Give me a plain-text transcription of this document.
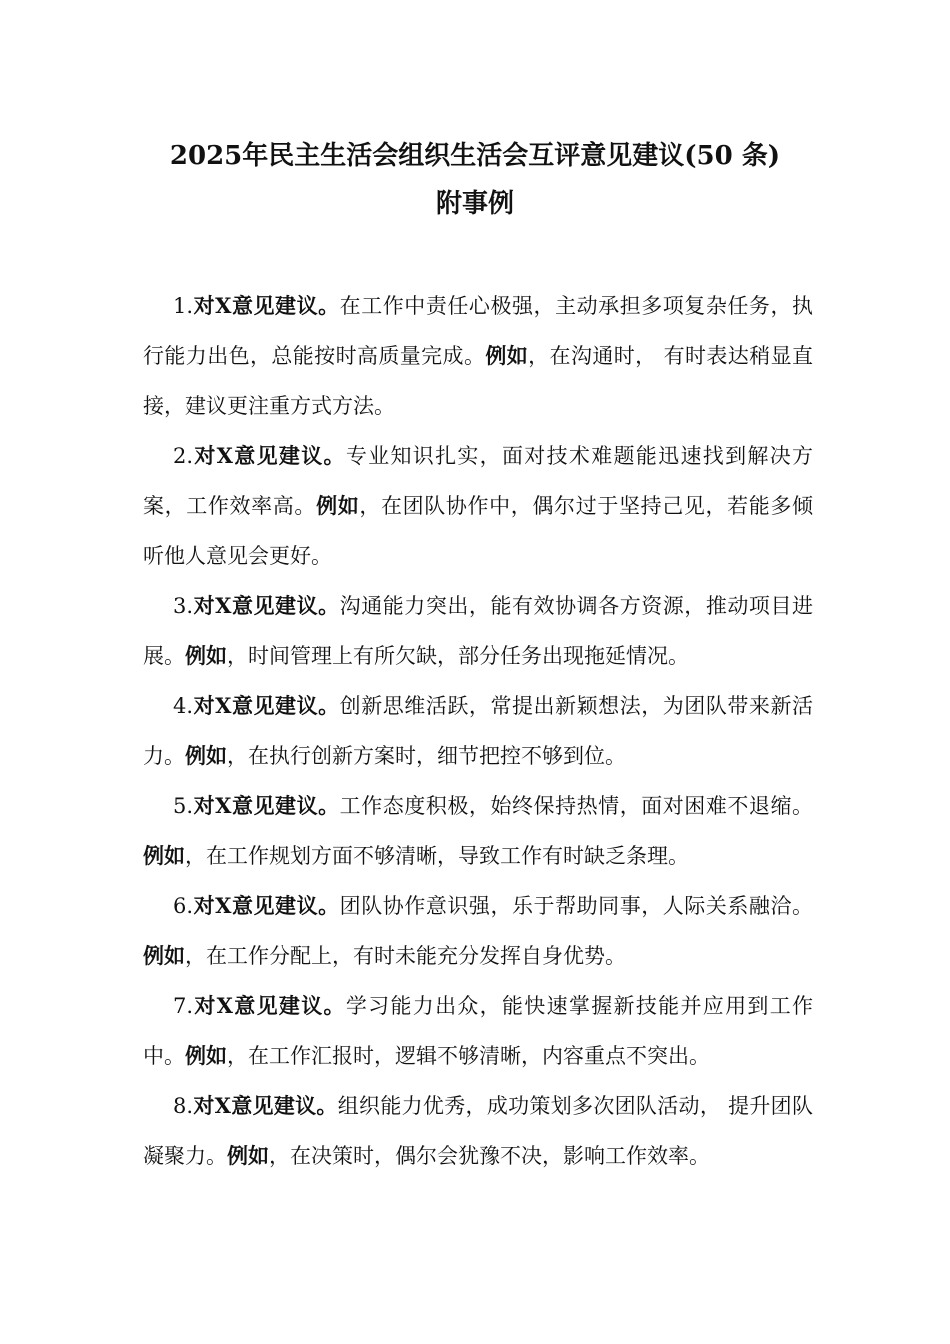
2025年民主生活会组织生活会互评意见建议(50 条)
附事例

1.对X意见建议。在工作中责任心极强，主动承担多项复杂任务，执行能力出色，总能按时高质量完成。例如，在沟通时， 有时表达稍显直接，建议更注重方式方法。

2.对X意见建议。专业知识扎实，面对技术难题能迅速找到解决方案，工作效率高。例如，在团队协作中，偶尔过于坚持己见，若能多倾听他人意见会更好。

3.对X意见建议。沟通能力突出，能有效协调各方资源，推动项目进展。例如，时间管理上有所欠缺，部分任务出现拖延情况。

4.对X意见建议。创新思维活跃，常提出新颖想法，为团队带来新活力。例如，在执行创新方案时，细节把控不够到位。

5.对X意见建议。工作态度积极，始终保持热情，面对困难不退缩。例如，在工作规划方面不够清晰，导致工作有时缺乏条理。

6.对X意见建议。团队协作意识强，乐于帮助同事，人际关系融洽。例如，在工作分配上，有时未能充分发挥自身优势。

7.对X意见建议。学习能力出众，能快速掌握新技能并应用到工作中。例如，在工作汇报时，逻辑不够清晰，内容重点不突出。

8.对X意见建议。组织能力优秀，成功策划多次团队活动， 提升团队凝聚力。例如，在决策时，偶尔会犹豫不决，影响工作效率。
